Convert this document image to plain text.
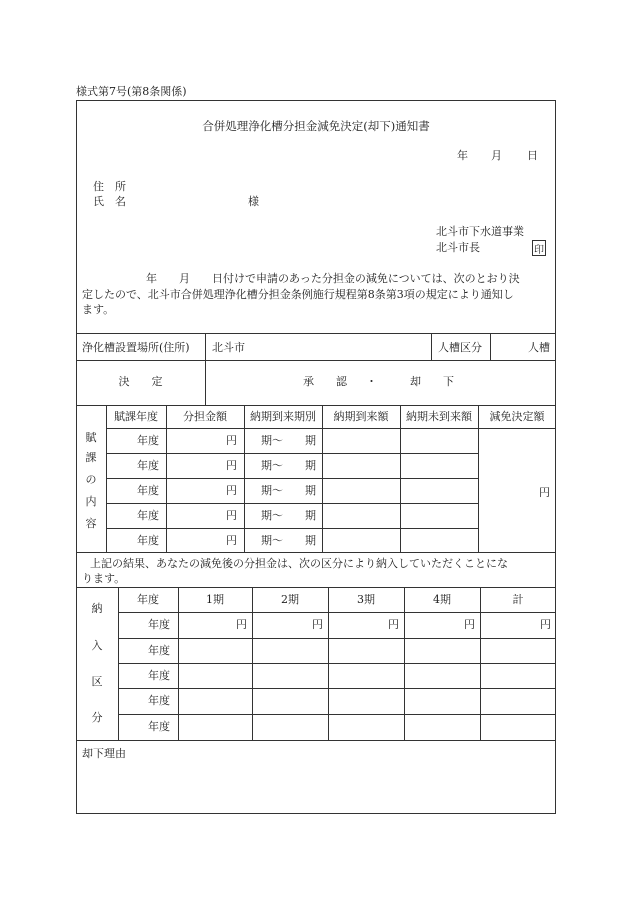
様式第7号(第8条関係)
合併処理浄化槽分担金減免決定(却下)通知書
年 月 日
住　所
氏　名	様
北斗市下水道事業
北斗市長	印
年　　月　　日付けで申請のあった分担金の減免については、次のとおり決
定したので、北斗市合併処理浄化槽分担金条例施行規程第8条第3項の規定により通知し
ます。
浄化槽設置場所(住所) 北斗市	人槽区分	人槽
決　　定	承　　認 ・	却　　下
賦
課
の
内
容
賦課年度	分担金額	納期到来期別	納期到来額	納期未到来額	減免決定額
年度	円 期～ 期
年度	円 期～ 期
年度	円 期～ 期
年度	円 期～ 期
年度	円 期～ 期
円
上記の結果、あなたの減免後の分担金は、次の区分により納入していただくことにな
ります。
納
入
区
分
年度	1期	2期	3期	4期	計
年度	円	円	円	円	円
年度
年度
年度
年度
却下理由
